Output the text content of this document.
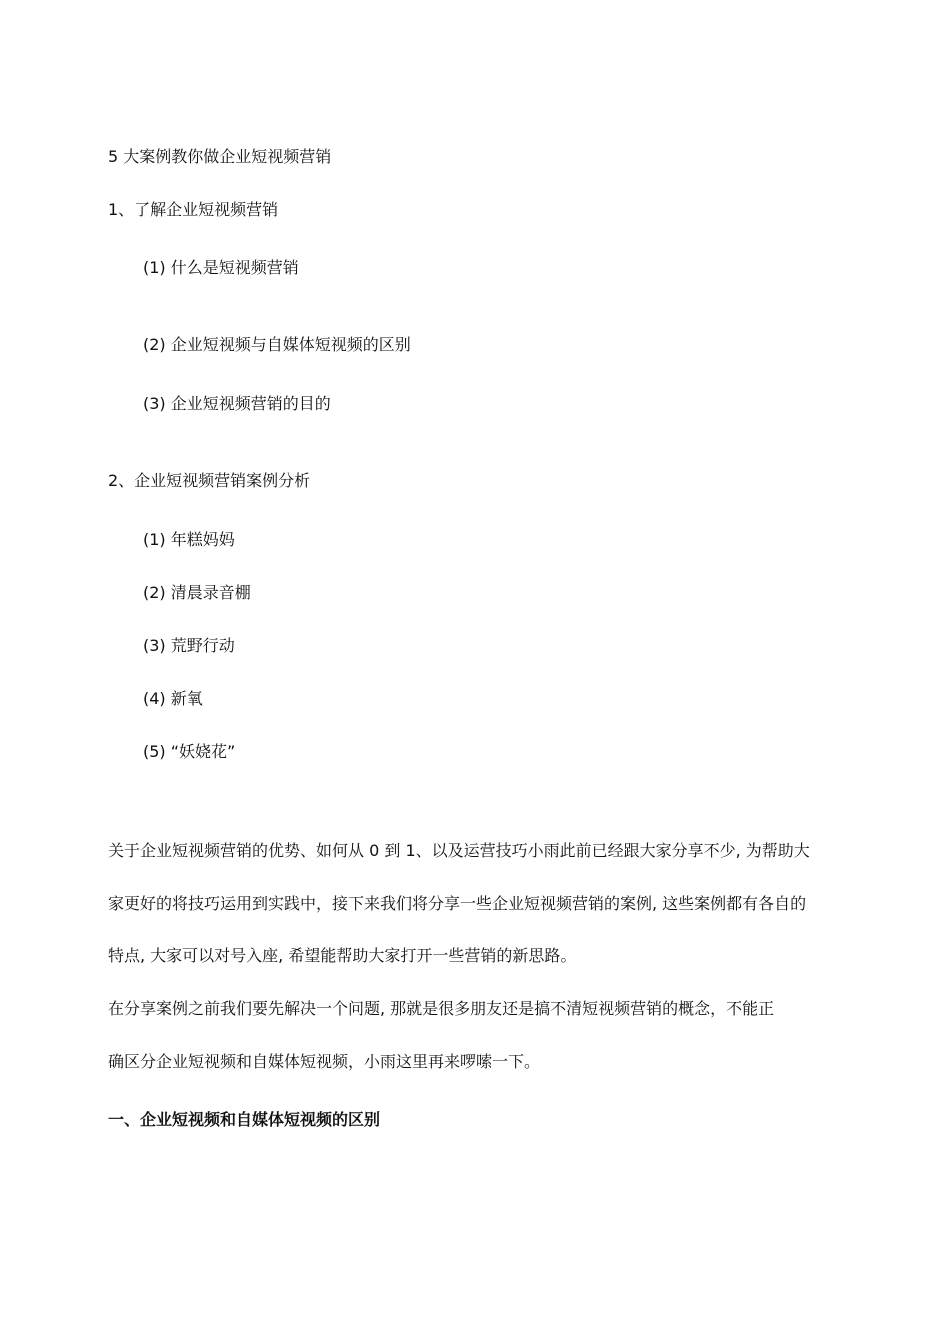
5 大案例教你做企业短视频营销
1、了解企业短视频营销
(1) 什么是短视频营销
(2) 企业短视频与自媒体短视频的区别
(3) 企业短视频营销的目的
2、企业短视频营销案例分析
(1) 年糕妈妈
(2) 清晨录音棚
(3) 荒野行动
(4) 新氧
(5) “妖娆花”
关于企业短视频营销的优势、如何从 0 到 1、以及运营技巧小雨此前已经跟大家分享不少, 为帮助大
家更好的将技巧运用到实践中，接下来我们将分享一些企业短视频营销的案例, 这些案例都有各自的
特点, 大家可以对号入座, 希望能帮助大家打开一些营销的新思路。
在分享案例之前我们要先解决一个问题, 那就是很多朋友还是搞不清短视频营销的概念，不能正
确区分企业短视频和自媒体短视频，小雨这里再来啰嗦一下。
一、企业短视频和自媒体短视频的区别
